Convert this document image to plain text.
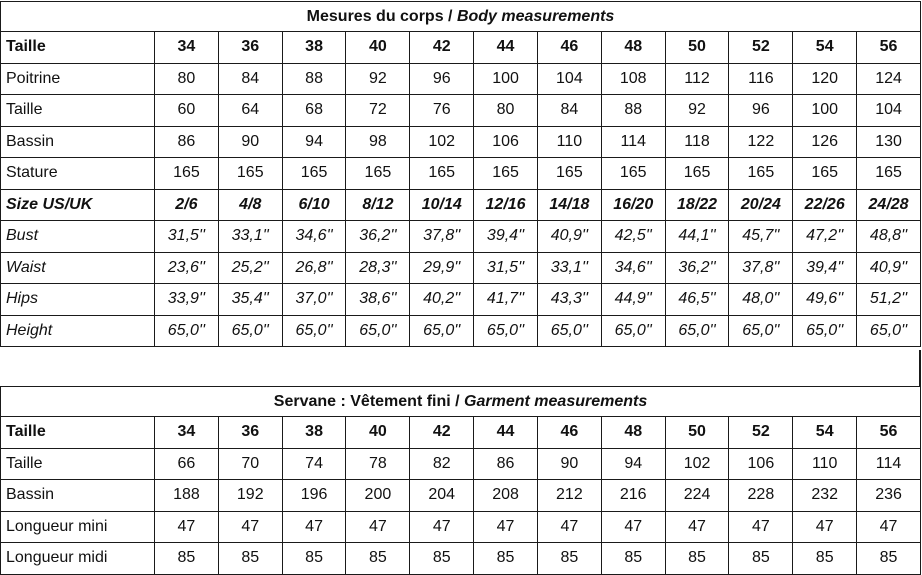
Mesures du corps / Body measurements												
Taille	34	36	38	40	42	44	46	48	50	52	54	56
Poitrine	80	84	88	92	96	100	104	108	112	116	120	124
Taille	60	64	68	72	76	80	84	88	92	96	100	104
Bassin	86	90	94	98	102	106	110	114	118	122	126	130
Stature	165	165	165	165	165	165	165	165	165	165	165	165
Size US/UK	2/6	4/8	6/10	8/12	10/14	12/16	14/18	16/20	18/22	20/24	22/26	24/28
Bust	31,5''	33,1''	34,6''	36,2''	37,8''	39,4''	40,9''	42,5''	44,1''	45,7''	47,2''	48,8''
Waist	23,6''	25,2''	26,8''	28,3''	29,9''	31,5''	33,1''	34,6''	36,2''	37,8''	39,4''	40,9''
Hips	33,9''	35,4''	37,0''	38,6''	40,2''	41,7''	43,3''	44,9''	46,5''	48,0''	49,6''	51,2''
Height	65,0''	65,0''	65,0''	65,0''	65,0''	65,0''	65,0''	65,0''	65,0''	65,0''	65,0''	65,0''
Servane : Vêtement fini / Garment measurements												
Taille	34	36	38	40	42	44	46	48	50	52	54	56
Taille	66	70	74	78	82	86	90	94	102	106	110	114
Bassin	188	192	196	200	204	208	212	216	224	228	232	236
Longueur mini	47	47	47	47	47	47	47	47	47	47	47	47
Longueur midi	85	85	85	85	85	85	85	85	85	85	85	85
